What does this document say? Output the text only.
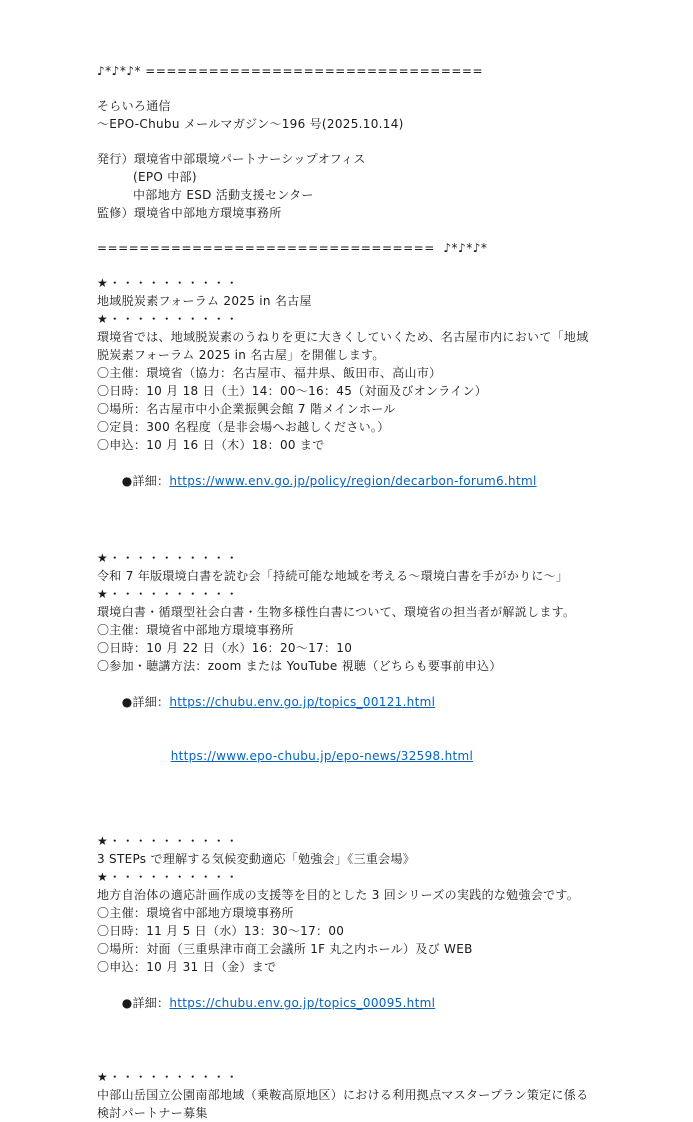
♪*♪*♪* ================================
そらいろ通信
～EPO-Chubu メールマガジン～196 号(2025.10.14)
発行）環境省中部環境パートナーシップオフィス
(EPO 中部)
中部地方 ESD 活動支援センター
監修）環境省中部地方環境事務所
================================  ♪*♪*♪*
★・・・・・・・・・・
地域脱炭素フォーラム 2025 in 名古屋
★・・・・・・・・・・
環境省では、地域脱炭素のうねりを更に大きくしていくため、名古屋市内において「地域脱炭素フォーラム 2025 in 名古屋」を開催します。
〇主催：環境省（協力：名古屋市、福井県、飯田市、高山市）
〇日時：10 月 18 日（土）14：00～16：45（対面及びオンライン）
〇場所：名古屋市中小企業振興会館 7 階メインホール
〇定員：300 名程度（是非会場へお越しください。）
〇申込：10 月 16 日（木）18：00 まで

●詳細：https://www.env.go.jp/policy/region/decarbon-forum6.html

★・・・・・・・・・・
令和 7 年版環境白書を読む会「持続可能な地域を考える～環境白書を手がかりに～」
★・・・・・・・・・・
環境白書・循環型社会白書・生物多様性白書について、環境省の担当者が解説します。
〇主催：環境省中部地方環境事務所
〇日時：10 月 22 日（水）16：20～17：10
〇参加・聴講方法：zoom または YouTube 視聴（どちらも要事前申込）

●詳細：https://chubu.env.go.jp/topics_00121.html

https://www.epo-chubu.jp/epo-news/32598.html

★・・・・・・・・・・
3 STEPs で理解する気候変動適応「勉強会」《三重会場》
★・・・・・・・・・・
地方自治体の適応計画作成の支援等を目的とした 3 回シリーズの実践的な勉強会です。
〇主催：環境省中部地方環境事務所
〇日時：11 月 5 日（水）13：30～17：00
〇場所：対面（三重県津市商工会議所 1F 丸之内ホール）及び WEB
〇申込：10 月 31 日（金）まで

●詳細：https://chubu.env.go.jp/topics_00095.html

★・・・・・・・・・・
中部山岳国立公園南部地域（乗鞍高原地区）における利用拠点マスタープラン策定に係る検討パートナー募集
